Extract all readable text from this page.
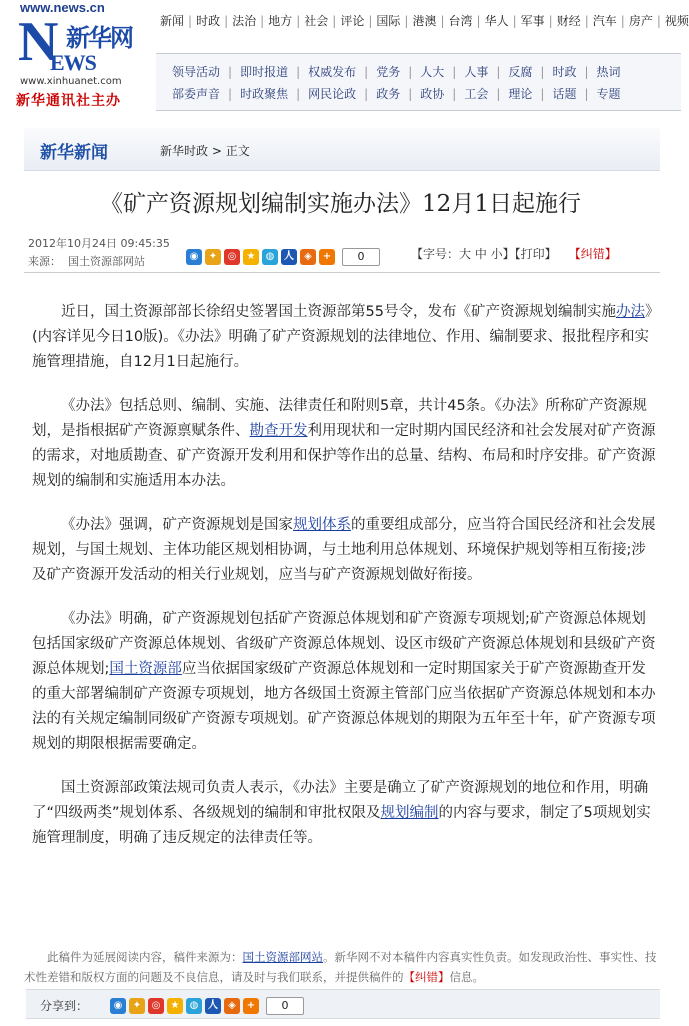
www.news.cn
N 新华网
EWS
www.xinhuanet.com
新华通讯社主办
新闻 | 时政 | 法治 | 地方 | 社会 | 评论 | 国际 | 港澳 | 台湾 | 华人 | 军事 | 财经 | 汽车 | 房产 | 视频
领导活动 | 即时报道 | 权威发布 | 党务 | 人大 | 人事 | 反腐 | 时政 | 热词
部委声音 | 时政聚焦 | 网民论政 | 政务 | 政协 | 工会 | 理论 | 话题 | 专题
新华新闻	新华时政 > 正文
《矿产资源规划编制实施办法》12月1日起施行
2012年10月24日 09:45:35
来源： 国土资源部网站	◉ ✦ ◎ ★ ◍ 人 ◈ + 0	【字号：大 中 小】【打印】 【纠错】

近日，国土资源部部长徐绍史签署国土资源部第55号令，发布《矿产资源规划编制实施办法》(内容详见今日10版)。《办法》明确了矿产资源规划的法律地位、作用、编制要求、报批程序和实施管理措施，自12月1日起施行。

《办法》包括总则、编制、实施、法律责任和附则5章，共计45条。《办法》所称矿产资源规划，是指根据矿产资源禀赋条件、勘查开发利用现状和一定时期内国民经济和社会发展对矿产资源的需求，对地质勘查、矿产资源开发利用和保护等作出的总量、结构、布局和时序安排。矿产资源规划的编制和实施适用本办法。

《办法》强调，矿产资源规划是国家规划体系的重要组成部分，应当符合国民经济和社会发展规划，与国土规划、主体功能区规划相协调，与土地利用总体规划、环境保护规划等相互衔接;涉及矿产资源开发活动的相关行业规划，应当与矿产资源规划做好衔接。

《办法》明确，矿产资源规划包括矿产资源总体规划和矿产资源专项规划;矿产资源总体规划包括国家级矿产资源总体规划、省级矿产资源总体规划、设区市级矿产资源总体规划和县级矿产资源总体规划;国土资源部应当依据国家级矿产资源总体规划和一定时期国家关于矿产资源勘查开发的重大部署编制矿产资源专项规划，地方各级国土资源主管部门应当依据矿产资源总体规划和本办法的有关规定编制同级矿产资源专项规划。矿产资源总体规划的期限为五年至十年，矿产资源专项规划的期限根据需要确定。

国土资源部政策法规司负责人表示，《办法》主要是确立了矿产资源规划的地位和作用，明确了“四级两类”规划体系、各级规划的编制和审批权限及规划编制的内容与要求，制定了5项规划实施管理制度，明确了违反规定的法律责任等。

此稿件为延展阅读内容，稿件来源为：国土资源部网站。新华网不对本稿件内容真实性负责。如发现政治性、事实性、技术性差错和版权方面的问题及不良信息，请及时与我们联系，并提供稿件的【纠错】信息。
分享到：	◉ ✦ ◎ ★ ◍ 人 ◈ + 0
